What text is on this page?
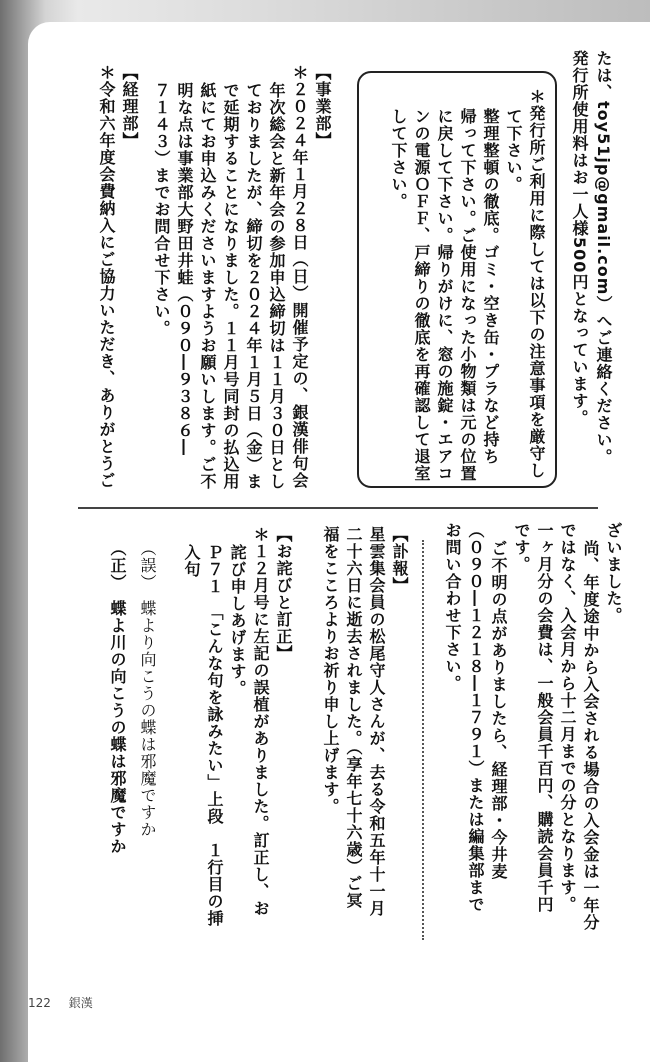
たは、toy51jp@gmail.com）へご連絡ください。
発行所使用料はお一人様500円となっています。
＊発行所ご利用に際しては以下の注意事項を厳守し
て下さい。
整理整頓の徹底。ゴミ・空き缶・プラなど持ち
帰って下さい。ご使用になった小物類は元の位置
に戻して下さい。帰りがけに、窓の施錠・エアコ
ンの電源ＯＦＦ、戸締りの徹底を再確認して退室
して下さい。
【事業部】
＊２０２４年１月２８日（日）開催予定の、銀漢俳句会
年次総会と新年会の参加申込締切は１１月３０日とし
ておりましたが、締切を２０２４年１月５日（金）ま
で延期することになりました。１１月号同封の払込用
紙にてお申込みくださいますようお願いします。ご不
明な点は事業部大野田井蛙（０９０―９３８６―
７１４３）までお問合せ下さい。
【経理部】
＊令和六年度会費納入にご協力いただき、ありがとうご
ざいました。
尚、年度途中から入会される場合の入会金は一年分
ではなく、入会月から十二月までの分となります。
一ヶ月分の会費は、一般会員千百円、購読会員千円
です。
ご不明の点がありましたら、経理部・今井麦
（０９０―１２１８―１７９１）または編集部まで
お問い合わせ下さい。
【訃報】
星雲集会員の松尾守人さんが、去る令和五年十一月
二十六日に逝去されました。（享年七十六歳）ご冥
福をこころよりお祈り申し上げます。
【お詫びと訂正】
＊１２月号に左記の誤植がありました。訂正し、お
詫び申しあげます。
Ｐ７１　「こんな句を詠みたい」上段　１行目の挿
入句
（誤）　蝶より向こうの蝶は邪魔ですか
（正）　蝶よ川の向こうの蝶は邪魔ですか
122 銀漢
